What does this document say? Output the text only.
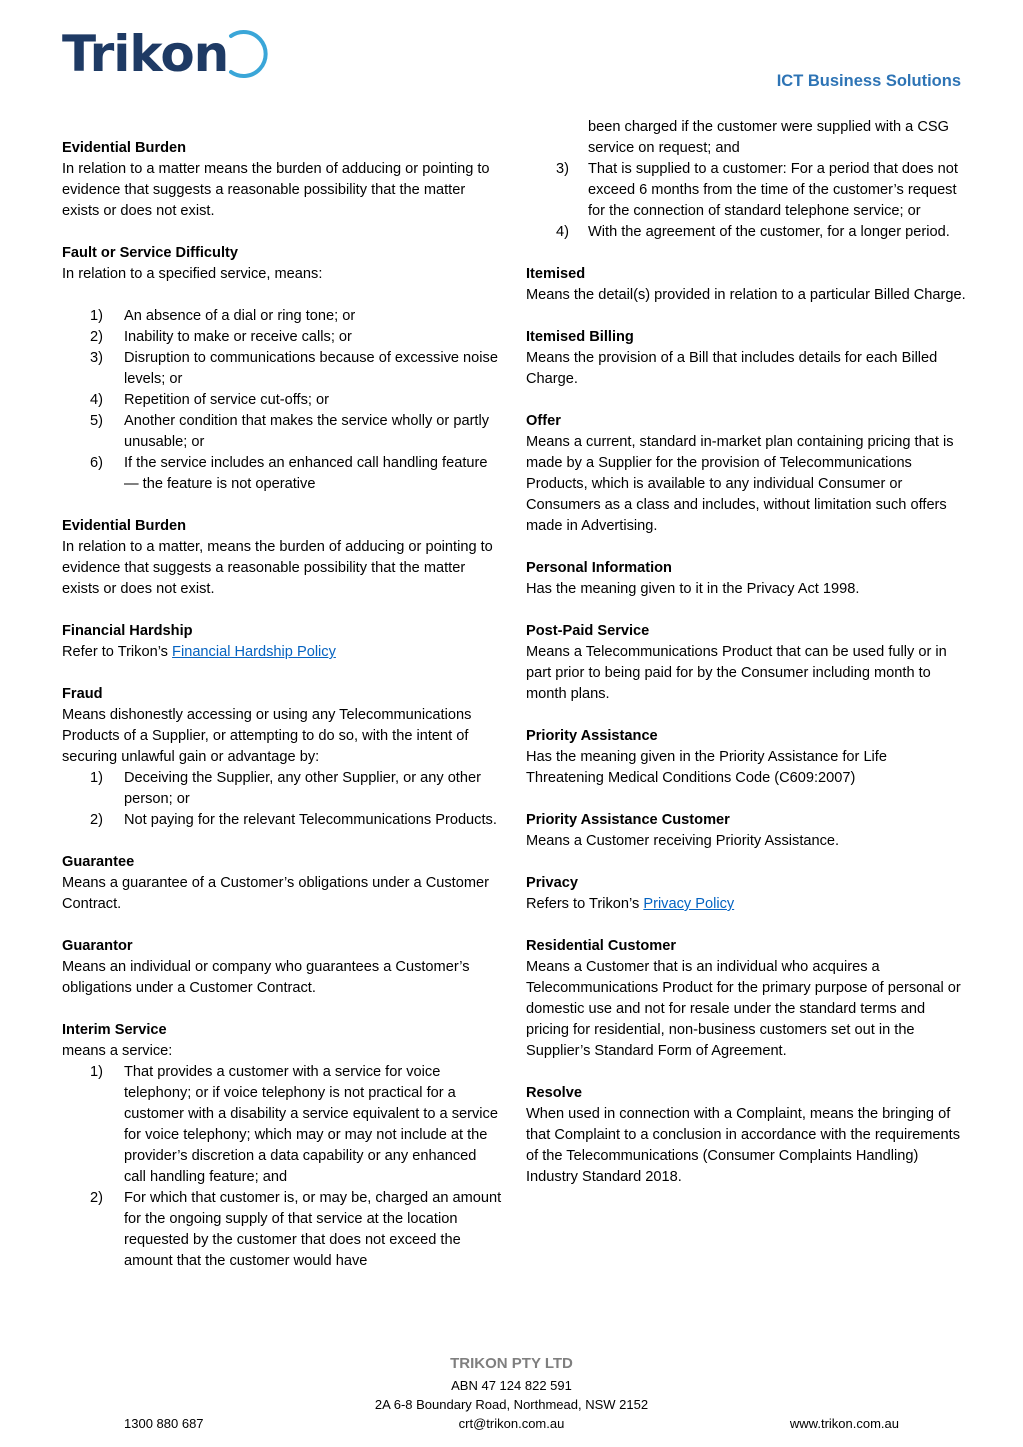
Trikon	ICT Business Solutions
Evidential Burden
In relation to a matter means the burden of adducing or pointing to evidence that suggests a reasonable possibility that the matter exists or does not exist.
Fault or Service Difficulty
In relation to a specified service, means:
1) An absence of a dial or ring tone; or
2) Inability to make or receive calls; or
3) Disruption to communications because of excessive noise levels; or
4) Repetition of service cut-offs; or
5) Another condition that makes the service wholly or partly unusable; or
6) If the service includes an enhanced call handling feature — the feature is not operative
Evidential Burden
In relation to a matter, means the burden of adducing or pointing to evidence that suggests a reasonable possibility that the matter exists or does not exist.
Financial Hardship
Refer to Trikon’s Financial Hardship Policy
Fraud
Means dishonestly accessing or using any Telecommunications Products of a Supplier, or attempting to do so, with the intent of securing unlawful gain or advantage by:
1) Deceiving the Supplier, any other Supplier, or any other person; or
2) Not paying for the relevant Telecommunications Products.
Guarantee
Means a guarantee of a Customer’s obligations under a Customer Contract.
Guarantor
Means an individual or company who guarantees a Customer’s obligations under a Customer Contract.
Interim Service
means a service:
1) That provides a customer with a service for voice telephony; or if voice telephony is not practical for a customer with a disability a service equivalent to a service for voice telephony; which may or may not include at the provider’s discretion a data capability or any enhanced call handling feature; and
2) For which that customer is, or may be, charged an amount for the ongoing supply of that service at the location requested by the customer that does not exceed the amount that the customer would have
been charged if the customer were supplied with a CSG service on request; and
3) That is supplied to a customer: For a period that does not exceed 6 months from the time of the customer’s request for the connection of standard telephone service; or
4) With the agreement of the customer, for a longer period.
Itemised
Means the detail(s) provided in relation to a particular Billed Charge.
Itemised Billing
Means the provision of a Bill that includes details for each Billed Charge.
Offer
Means a current, standard in-market plan containing pricing that is made by a Supplier for the provision of Telecommunications Products, which is available to any individual Consumer or Consumers as a class and includes, without limitation such offers made in Advertising.
Personal Information
Has the meaning given to it in the Privacy Act 1998.
Post-Paid Service
Means a Telecommunications Product that can be used fully or in part prior to being paid for by the Consumer including month to month plans.
Priority Assistance
Has the meaning given in the Priority Assistance for Life Threatening Medical Conditions Code (C609:2007)
Priority Assistance Customer
Means a Customer receiving Priority Assistance.
Privacy
Refers to Trikon’s Privacy Policy
Residential Customer
Means a Customer that is an individual who acquires a Telecommunications Product for the primary purpose of personal or domestic use and not for resale under the standard terms and pricing for residential, non-business customers set out in the Supplier’s Standard Form of Agreement.
Resolve
When used in connection with a Complaint, means the bringing of that Complaint to a conclusion in accordance with the requirements of the Telecommunications (Consumer Complaints Handling) Industry Standard 2018.
TRIKON PTY LTD
ABN 47 124 822 591
2A 6-8 Boundary Road, Northmead, NSW 2152
1300 880 687	crt@trikon.com.au	www.trikon.com.au
